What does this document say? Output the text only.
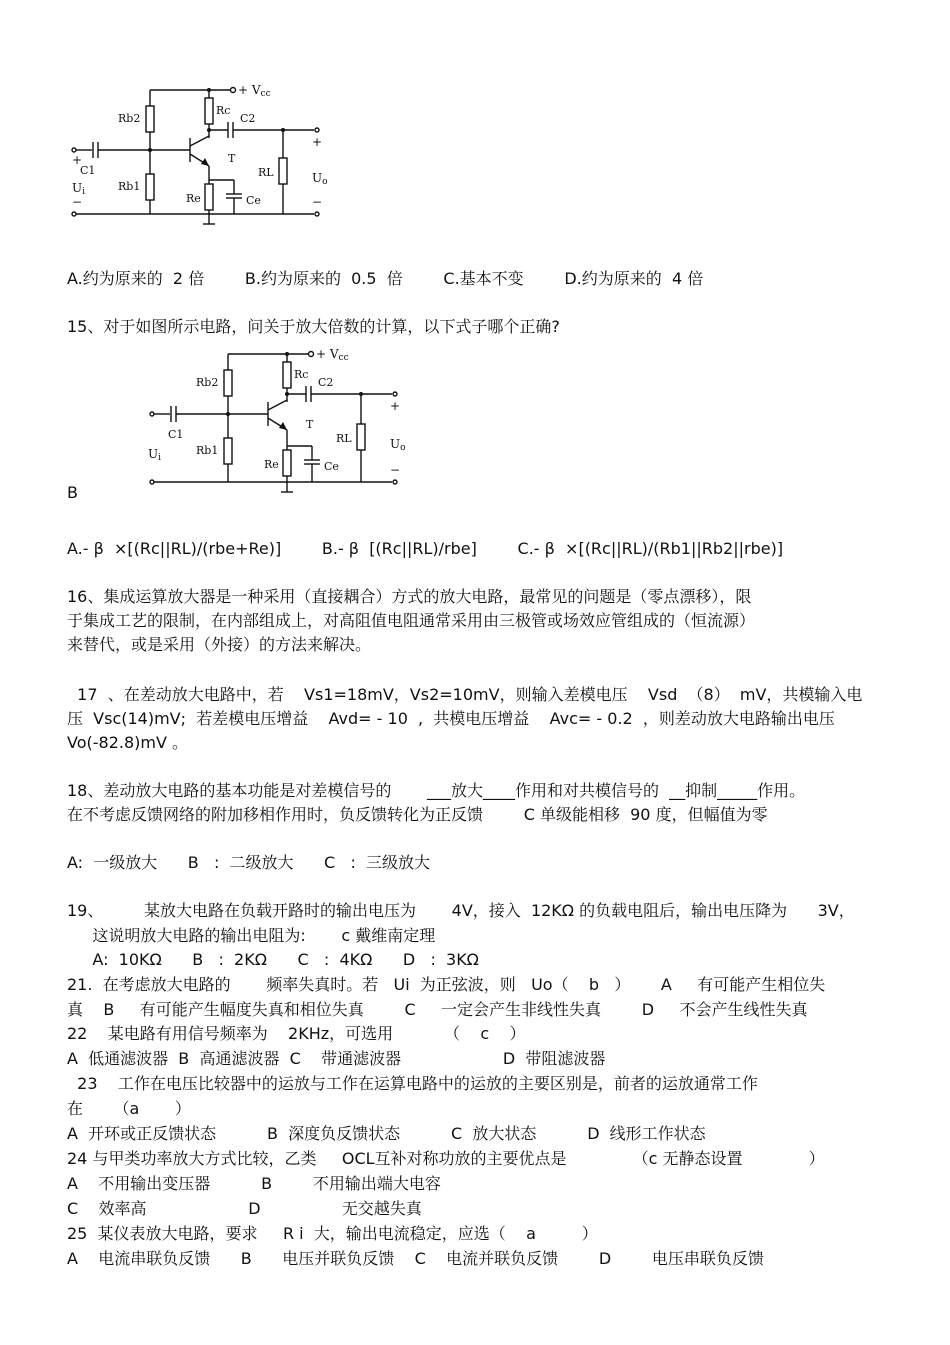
+ Vcc
Rb2
Rc
C2
C1
T
RL
Rb1
Re	Ce
Ui
Uo
+
+
−	−
A.约为原来的  2 倍        B.约为原来的  0.5  倍        C.基本不变        D.约为原来的  4 倍
15、对于如图所示电路，问关于放大倍数的计算，以下式子哪个正确?
+ Vcc
Rb2
Rc
C2
C1
T
RL
Rb1
Re	Ce
Ui
Uo
+
−
B
A.- β  ×[(Rc||RL)/(rbe+Re)]        B.- β  [(Rc||RL)/rbe]        C.- β  ×[(Rc||RL)/(Rb1||Rb2||rbe)]
16、集成运算放大器是一种采用（直接耦合）方式的放大电路，最常见的问题是（零点漂移），限
于集成工艺的限制，在内部组成上，对高阻值电阻通常采用由三极管或场效应管组成的（恒流源）
来替代，或是采用（外接）的方法来解决。
17  、在差动放大电路中，若    Vs1=18mV，Vs2=10mV，则输入差模电压    Vsd  （8）  mV，共模输入电
压  Vsc(14)mV;  若差模电压增益    Avd= - 10  ,  共模电压增益    Avc= - 0.2  ，则差动放大电路输出电压
Vo(-82.8)mV 。
18、差动放大电路的基本功能是对差模信号的       ___放大____作用和对共模信号的  __抑制_____作用。
在不考虑反馈网络的附加移相作用时，负反馈转化为正反馈        C 单级能相移  90 度，但幅值为零
A:  一级放大      B   :  二级放大      C   :  三级放大
19、        某放大电路在负载开路时的输出电压为       4V，接入  12KΩ 的负载电阻后，输出电压降为      3V，
这说明放大电路的输出电阻为:       c 戴维南定理
A:  10KΩ      B   :  2KΩ      C   :  4KΩ      D   :  3KΩ
21.  在考虑放大电路的       频率失真时。若   Ui  为正弦波，则   Uo（    b   ）      A     有可能产生相位失
真    B     有可能产生幅度失真和相位失真        C     一定会产生非线性失真        D     不会产生线性失真
22    某电路有用信号频率为    2KHz，可选用          （    c    ）
A  低通滤波器  B  高通滤波器  C    带通滤波器                    D  带阻滤波器
23    工作在电压比较器中的运放与工作在运算电路中的运放的主要区别是，前者的运放通常工作
在      （a       ）
A  开环或正反馈状态          B  深度负反馈状态          C  放大状态          D  线形工作状态
24 与甲类功率放大方式比较，乙类     OCL互补对称功放的主要优点是             （c 无静态设置             ）
A    不用输出变压器          B        不用输出端大电容
C    效率高                    D                无交越失真
25  某仪表放大电路，要求     R i  大，输出电流稳定，应选（    a         ）
A    电流串联负反馈      B      电压并联负反馈    C    电流并联负反馈        D        电压串联负反馈
